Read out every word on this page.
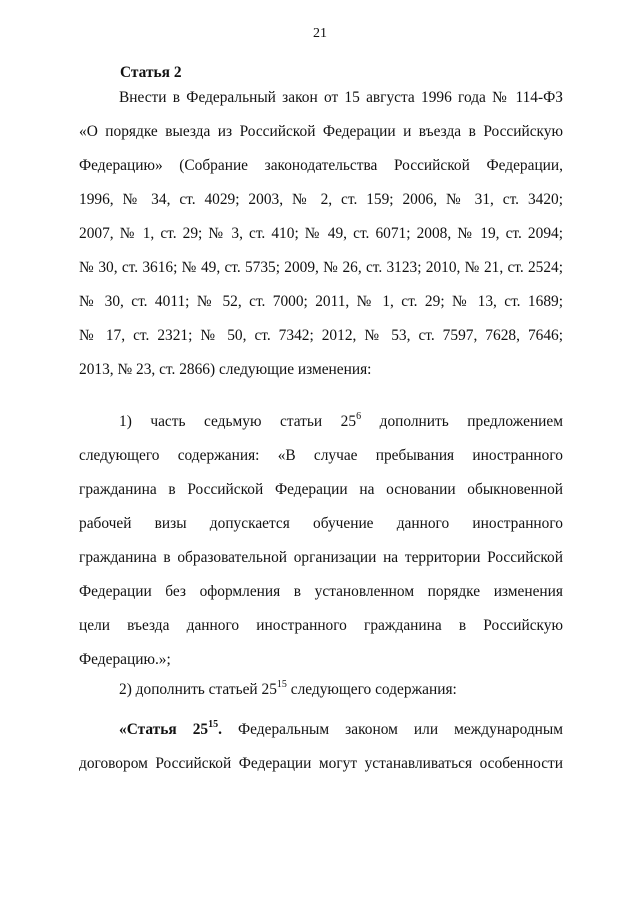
21
Статья 2
Внести в Федеральный закон от 15 августа 1996 года № 114-ФЗ
«О порядке выезда из Российской Федерации и въезда в Российскую
Федерацию» (Собрание законодательства Российской Федерации,
1996, № 34, ст. 4029; 2003, № 2, ст. 159; 2006, № 31, ст. 3420;
2007, № 1, ст. 29; № 3, ст. 410; № 49, ст. 6071; 2008, № 19, ст. 2094;
№ 30, ст. 3616; № 49, ст. 5735; 2009, № 26, ст. 3123; 2010, № 21, ст. 2524;
№ 30, ст. 4011; № 52, ст. 7000; 2011, № 1, ст. 29; № 13, ст. 1689;
№ 17, ст. 2321; № 50, ст. 7342; 2012, № 53, ст. 7597, 7628, 7646;
2013, № 23, ст. 2866) следующие изменения:
1) часть седьмую статьи $25^6$ дополнить предложением
следующего содержания: «В случае пребывания иностранного
гражданина в Российской Федерации на основании обыкновенной
рабочей визы допускается обучение данного иностранного
гражданина в образовательной организации на территории Российской
Федерации без оформления в установленном порядке изменения
цели въезда данного иностранного гражданина в Российскую
Федерацию.»;
2) дополнить статьей $25^{15}$ следующего содержания:
«Статья $25^{15}$. Федеральным законом или международным
договором Российской Федерации могут устанавливаться особенности
